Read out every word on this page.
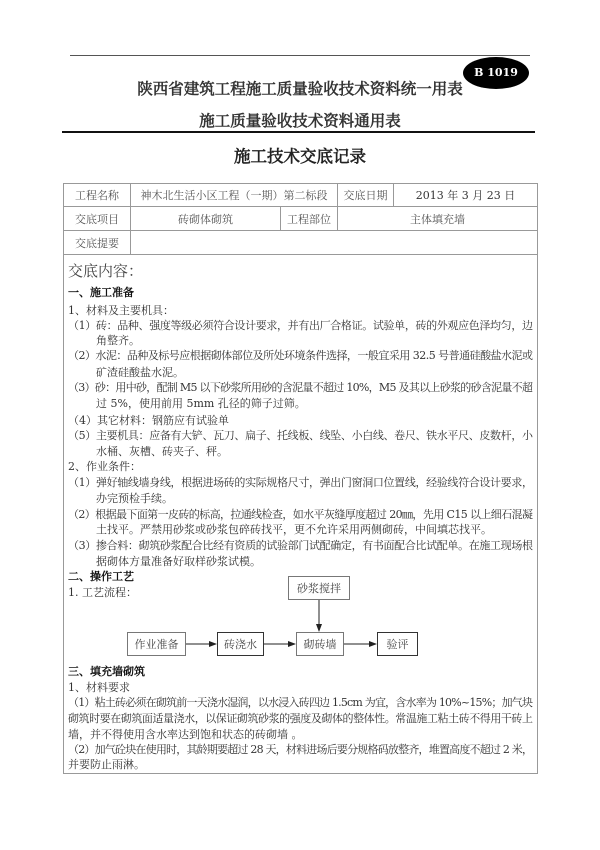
B 1019
陕西省建筑工程施工质量验收技术资料统一用表
施工质量验收技术资料通用表
施工技术交底记录
工程名称	神木北生活小区工程（一期）第二标段	交底日期	2013 年 3 月 23 日
交底项目	砖砌体砌筑	工程部位	主体填充墙
交底提要
交底内容：
一、施工准备
1、材料及主要机具：
（1）砖：品种、强度等级必须符合设计要求，并有出厂合格证。试验单，砖的外观应色泽均匀，边
角整齐。
（2）水泥：品种及标号应根据砌体部位及所处环境条件选择，一般宜采用 32.5 号普通硅酸盐水泥或
矿渣硅酸盐水泥。
（3）砂：用中砂，配制 M5 以下砂浆所用砂的含泥量不超过 10%，M5 及其以上砂浆的砂含泥量不超
过 5%，使用前用 5mm 孔径的筛子过筛。
（4）其它材料：钢筋应有试验单
（5）主要机具：应备有大铲、瓦刀、扁子、托线板、线坠、小白线、卷尺、铁水平尺、皮数杆，小
水桶、灰槽、砖夹子、秤。
2、作业条件：
（1）弹好轴线墙身线，根据进场砖的实际规格尺寸，弹出门窗洞口位置线，经验线符合设计要求，
办完预检手续。
（2）根据最下面第一皮砖的标高，拉通线检查，如水平灰缝厚度超过 20㎜，先用 C15 以上细石混凝
土找平。严禁用砂浆或砂浆包碎砖找平，更不允许采用两侧砌砖，中间填芯找平。
（3）掺合料：砌筑砂浆配合比经有资质的试验部门试配确定，有书面配合比试配单。在施工现场根
据砌体方量准备好取样砂浆试模。
二、操作工艺
1. 工艺流程：	砂浆搅拌
作业准备	砖浇水	砌砖墙	验评
三、填充墙砌筑
1、材料要求
（1）粘土砖必须在砌筑前一天浇水湿润，以水浸入砖四边 1.5cm 为宜，含水率为 10%~15%；加气块
砌筑时要在砌筑面适量浇水，以保证砌筑砂浆的强度及砌体的整体性。常温施工粘土砖不得用干砖上
墙，并不得使用含水率达到饱和状态的砖砌墙 。
（2）加气砼块在使用时，其龄期要超过 28 天，材料进场后要分规格码放整齐，堆置高度不超过 2 米，
并要防止雨淋。
